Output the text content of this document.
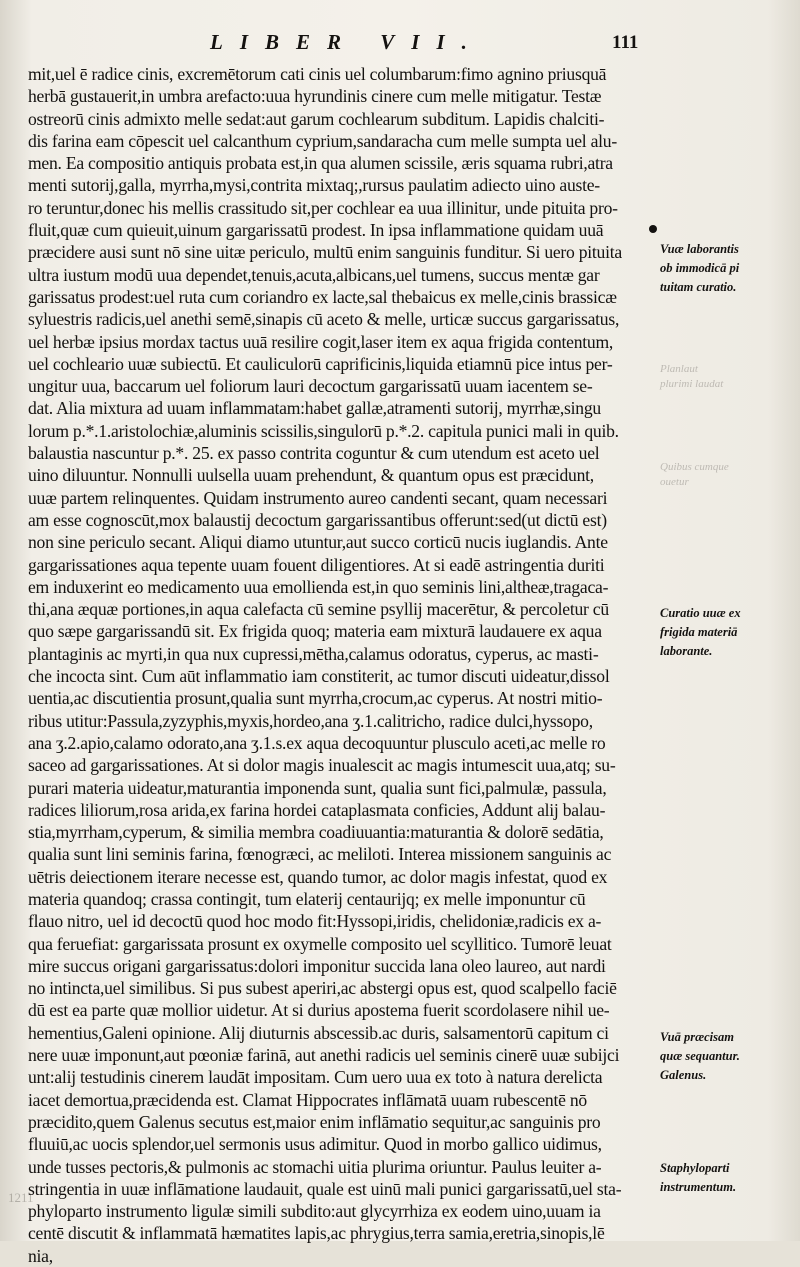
LIBER VII.	111
mit,uel ē radice cinis, excremētorum cati cinis uel columbarum:fimo agnino priusquā
herbā gustauerit,in umbra arefacto:uua hyrundinis cinere cum melle mitigatur. Testæ
ostreorū cinis admixto melle sedat:aut garum cochlearum subditum. Lapidis chalciti-
dis farina eam cōpescit uel calcanthum cyprium,sandaracha cum melle sumpta uel alu-
men. Ea compositio antiquis probata est,in qua alumen scissile, æris squama rubri,atra
menti sutorij,galla, myrrha,mysi,contrita mixtaq;,rursus paulatim adiecto uino auste-
ro teruntur,donec his mellis crassitudo sit,per cochlear ea uua illinitur, unde pituita pro-
fluit,quæ cum quieuit,uinum gargarissatū prodest. In ipsa inflammatione quidam uuā
præcidere ausi sunt nō sine uitæ periculo, multū enim sanguinis funditur. Si uero pituita
ultra iustum modū uua dependet,tenuis,acuta,albicans,uel tumens, succus mentæ gar
garissatus prodest:uel ruta cum coriandro ex lacte,sal thebaicus ex melle,cinis brassicæ
syluestris radicis,uel anethi semē,sinapis cū aceto & melle, urticæ succus gargarissatus,
uel herbæ ipsius mordax tactus uuā resilire cogit,laser item ex aqua frigida contentum,
uel cochleario uuæ subiectū. Et cauliculorū caprificinis,liquida etiamnū pice intus per-
ungitur uua, baccarum uel foliorum lauri decoctum gargarissatū uuam iacentem se-
dat. Alia mixtura ad uuam inflammatam:habet gallæ,atramenti sutorij, myrrhæ,singu
lorum p.*.1.aristolochiæ,aluminis scissilis,singulorū p.*.2. capitula punici mali in quib.
balaustia nascuntur p.*. 25. ex passo contrita coguntur & cum utendum est aceto uel
uino diluuntur. Nonnulli uulsella uuam prehendunt, & quantum opus est præcidunt,
uuæ partem relinquentes. Quidam instrumento aureo candenti secant, quam necessari
am esse cognoscūt,mox balaustij decoctum gargarissantibus offerunt:sed(ut dictū est)
non sine periculo secant. Aliqui diamo utuntur,aut succo corticū nucis iuglandis. Ante
gargarissationes aqua tepente uuam fouent diligentiores. At si eadē astringentia duriti
em induxerint eo medicamento uua emollienda est,in quo seminis lini,altheæ,tragaca-
thi,ana æquæ portiones,in aqua calefacta cū semine psyllij macerētur, & percoletur cū
quo sæpe gargarissandū sit. Ex frigida quoq; materia eam mixturā laudauere ex aqua
plantaginis ac myrti,in qua nux cupressi,mētha,calamus odoratus, cyperus, ac masti-
che incocta sint. Cum aūt inflammatio iam constiterit, ac tumor discuti uideatur,dissol
uentia,ac discutientia prosunt,qualia sunt myrrha,crocum,ac cyperus. At nostri mitio-
ribus utitur:Passula,zyzyphis,myxis,hordeo,ana ʒ.1.calitricho, radice dulci,hyssopo,
ana ʒ.2.apio,calamo odorato,ana ʒ.1.s.ex aqua decoquuntur plusculo aceti,ac melle ro
saceo ad gargarissationes. At si dolor magis inualescit ac magis intumescit uua,atq; su-
purari materia uideatur,maturantia imponenda sunt, qualia sunt fici,palmulæ, passula,
radices liliorum,rosa arida,ex farina hordei cataplasmata conficies, Addunt alij balau-
stia,myrrham,cyperum, & similia membra coadiuuantia:maturantia & dolorē sedātia,
qualia sunt lini seminis farina, fœnogræci, ac meliloti. Interea missionem sanguinis ac
uētris deiectionem iterare necesse est, quando tumor, ac dolor magis infestat, quod ex
materia quandoq; crassa contingit, tum elaterij centaurijq; ex melle imponuntur cū
flauo nitro, uel id decoctū quod hoc modo fit:Hyssopi,iridis, chelidoniæ,radicis ex a-
qua feruefiat: gargarissata prosunt ex oxymelle composito uel scyllitico. Tumorē leuat
mire succus origani gargarissatus:dolori imponitur succida lana oleo laureo, aut nardi
no intincta,uel similibus. Si pus subest aperiri,ac abstergi opus est, quod scalpello faciē
dū est ea parte quæ mollior uidetur. At si durius apostema fuerit scordolasere nihil ue-
hementius,Galeni opinione. Alij diuturnis abscessib.ac duris, salsamentorū capitum ci
nere uuæ imponunt,aut pœoniæ farinā, aut anethi radicis uel seminis cinerē uuæ subijci
unt:alij testudinis cinerem laudāt impositam. Cum uero uua ex toto à natura derelicta
iacet demortua,præcidenda est. Clamat Hippocrates inflāmatā uuam rubescentē nō
præcidito,quem Galenus secutus est,maior enim inflāmatio sequitur,ac sanguinis pro
fluuiū,ac uocis splendor,uel sermonis usus adimitur. Quod in morbo gallico uidimus,
unde tusses pectoris,& pulmonis ac stomachi uitia plurima oriuntur. Paulus leuiter a-
stringentia in uuæ inflāmatione laudauit, quale est uinū mali punici gargarissatū,uel sta-
phyloparto instrumento ligulæ simili subdito:aut glycyrrhiza ex eodem uino,uuam ia
centē discutit & inflammatā hæmatites lapis,ac phrygius,terra samia,eretria,sinopis,lē
nia,
Vuæ laborantis
ob immodicā pi
tuitam curatio.
Planlaut
plurimi laudat
Quibus cumque
ouetur
Curatio uuæ ex
frigida materiā
laborante.
Vuā præcisam
quæ sequantur.
Galenus.
Staphyloparti
instrumentum.
1211
